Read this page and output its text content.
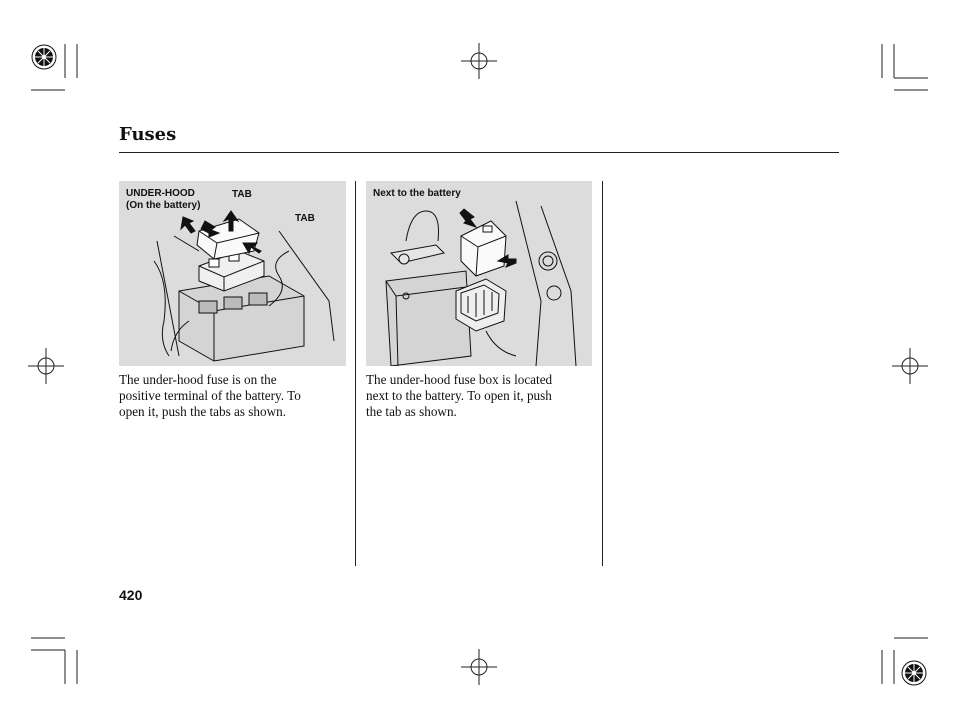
Fuses
UNDER-HOOD
(On the battery)
TAB
TAB
Next to the battery
The under-hood fuse is on the
positive terminal of the battery. To
open it, push the tabs as shown.
The under-hood fuse box is located
next to the battery. To open it, push
the tab as shown.
420
